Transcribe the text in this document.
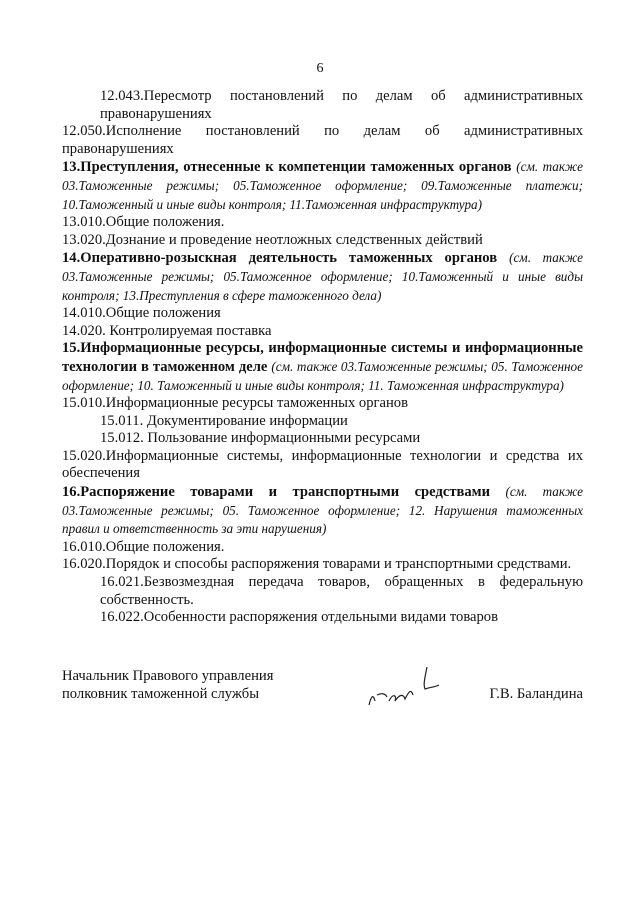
6

12.043.Пересмотр постановлений по делам об административных правонарушениях

12.050.Исполнение постановлений по делам об административных правонарушениях

13.Преступления, отнесенные к компетенции таможенных органов (см. также 03.Таможенные режимы; 05.Таможенное оформление; 09.Таможенные платежи; 10.Таможенный и иные виды контроля; 11.Таможенная инфраструктура)

13.010.Общие положения.

13.020.Дознание и проведение неотложных следственных действий

14.Оперативно-розыскная деятельность таможенных органов (см. также 03.Таможенные режимы; 05.Таможенное оформление; 10.Таможенный и иные виды контроля; 13.Преступления в сфере таможенного дела)

14.010.Общие положения

14.020. Контролируемая поставка

15.Информационные ресурсы, информационные системы и информационные технологии в таможенном деле (см. также 03.Таможенные режимы; 05. Таможенное оформление; 10. Таможенный и иные виды контроля; 11. Таможенная инфраструктура)

15.010.Информационные ресурсы таможенных органов

15.011. Документирование информации

15.012. Пользование информационными ресурсами

15.020.Информационные системы, информационные технологии и средства их обеспечения

16.Распоряжение товарами и транспортными средствами (см. также 03.Таможенные режимы; 05. Таможенное оформление; 12. Нарушения таможенных правил и ответственность за эти нарушения)

16.010.Общие положения.

16.020.Порядок и способы распоряжения товарами и транспортными средствами.

16.021.Безвозмездная передача товаров, обращенных в федеральную собственность.

16.022.Особенности распоряжения отдельными видами товаров

Начальник Правового управления
полковник таможенной службы	Г.В. Баландина
